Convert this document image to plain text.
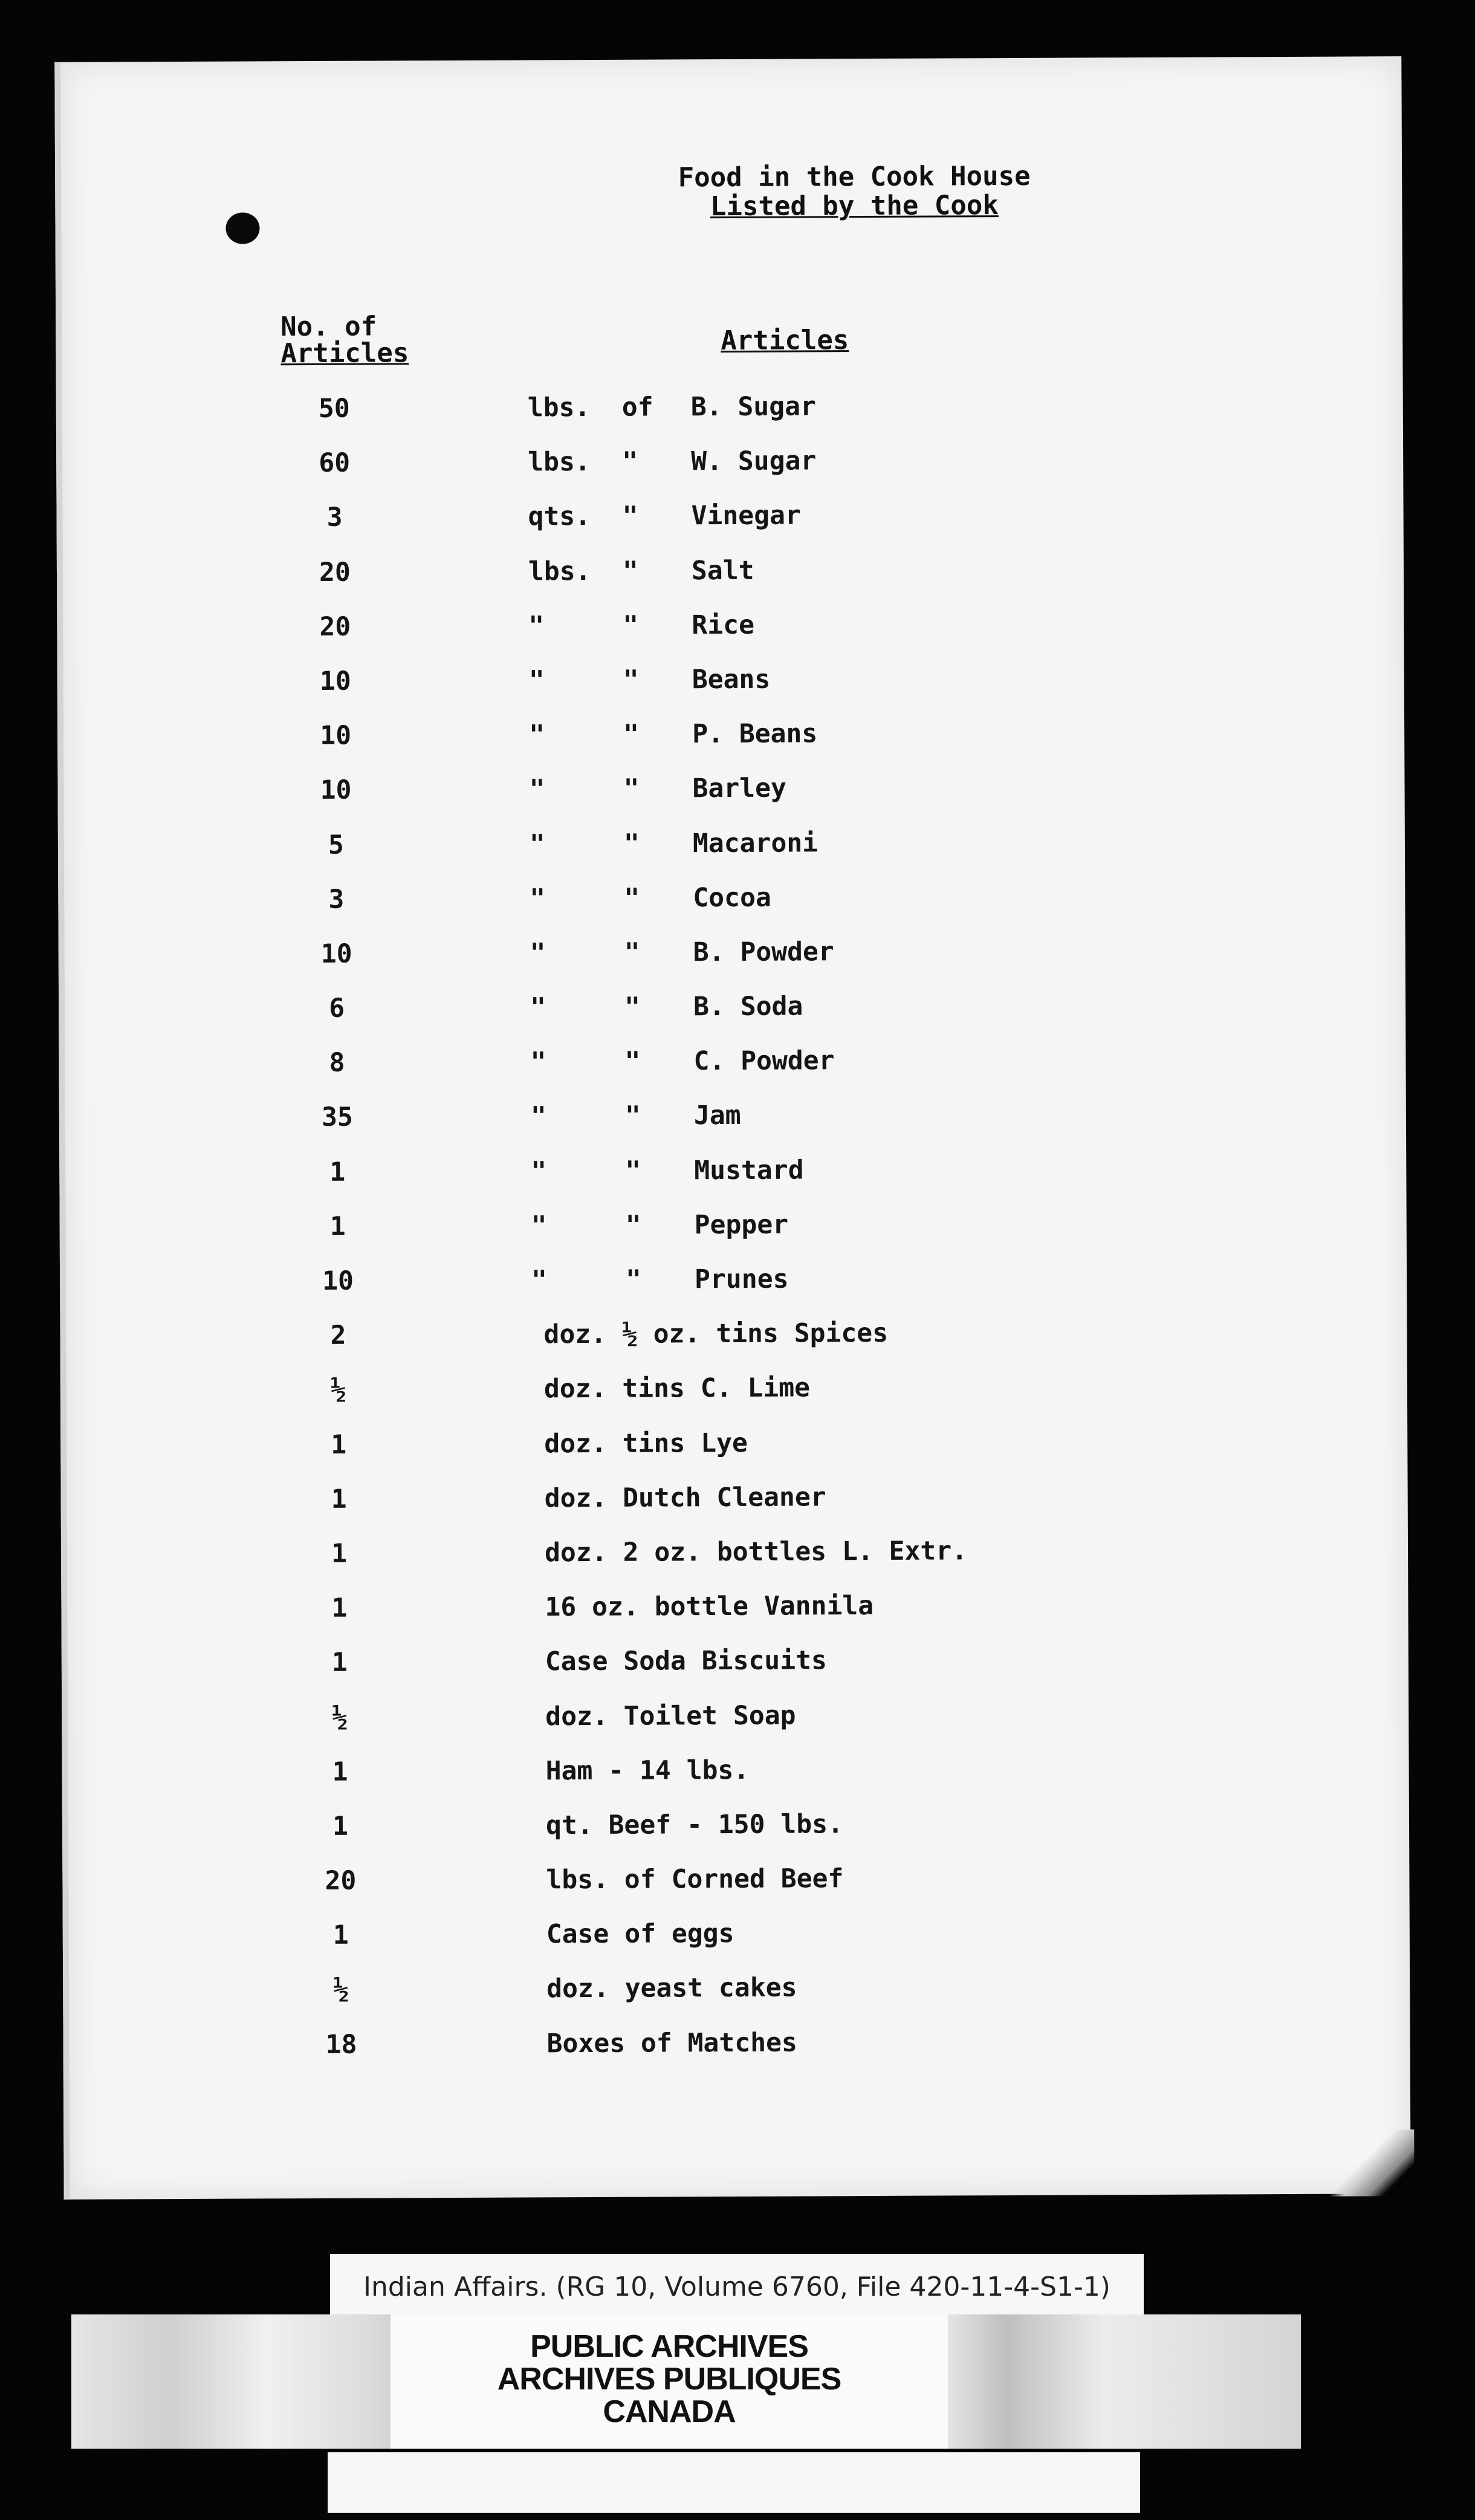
Food in the Cook House
Listed by the Cook
No. of
Articles	Articles
50	lbs. of B. Sugar
60	lbs. " W. Sugar
3	qts. " Vinegar
20	lbs. " Salt
20	"	" Rice
10	"	" Beans
10	"	" P. Beans
10	"	" Barley
5	"	" Macaroni
3	"	" Cocoa
10	"	" B. Powder
6	"	" B. Soda
8	"	" C. Powder
35	"	" Jam
1	"	" Mustard
1	"	" Pepper
10	"	" Prunes
2	doz. ½ oz. tins Spices
½	doz. tins C. Lime
1	doz. tins Lye
1	doz. Dutch Cleaner
1	doz. 2 oz. bottles L. Extr.
1	16 oz. bottle Vannila
1	Case Soda Biscuits
½	doz. Toilet Soap
1	Ham - 14 lbs.
1	qt. Beef - 150 lbs.
20	lbs. of Corned Beef
1	Case of eggs
½	doz. yeast cakes
18	Boxes of Matches
Indian Affairs. (RG 10, Volume 6760, File 420-11-4-S1-1)
PUBLIC ARCHIVES
ARCHIVES PUBLIQUES
CANADA
